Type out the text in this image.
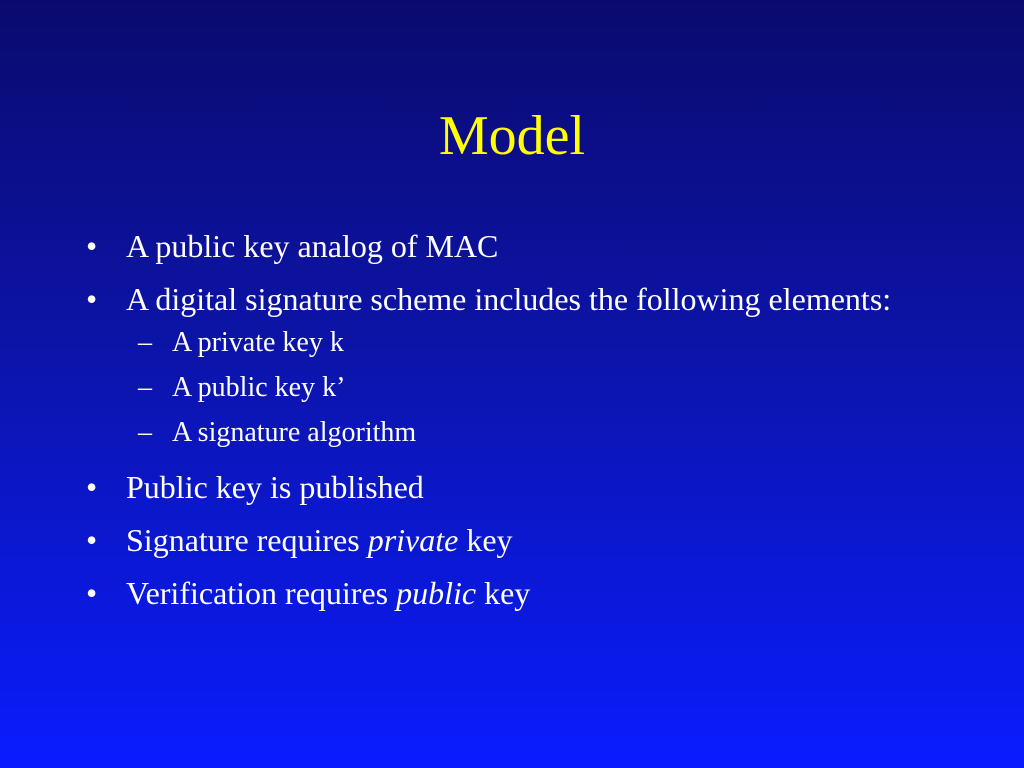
Model
• A public key analog of MAC
• A digital signature scheme includes the following elements:
– A private key k
– A public key k’
– A signature algorithm
• Public key is published
• Signature requires private key
• Verification requires public key
